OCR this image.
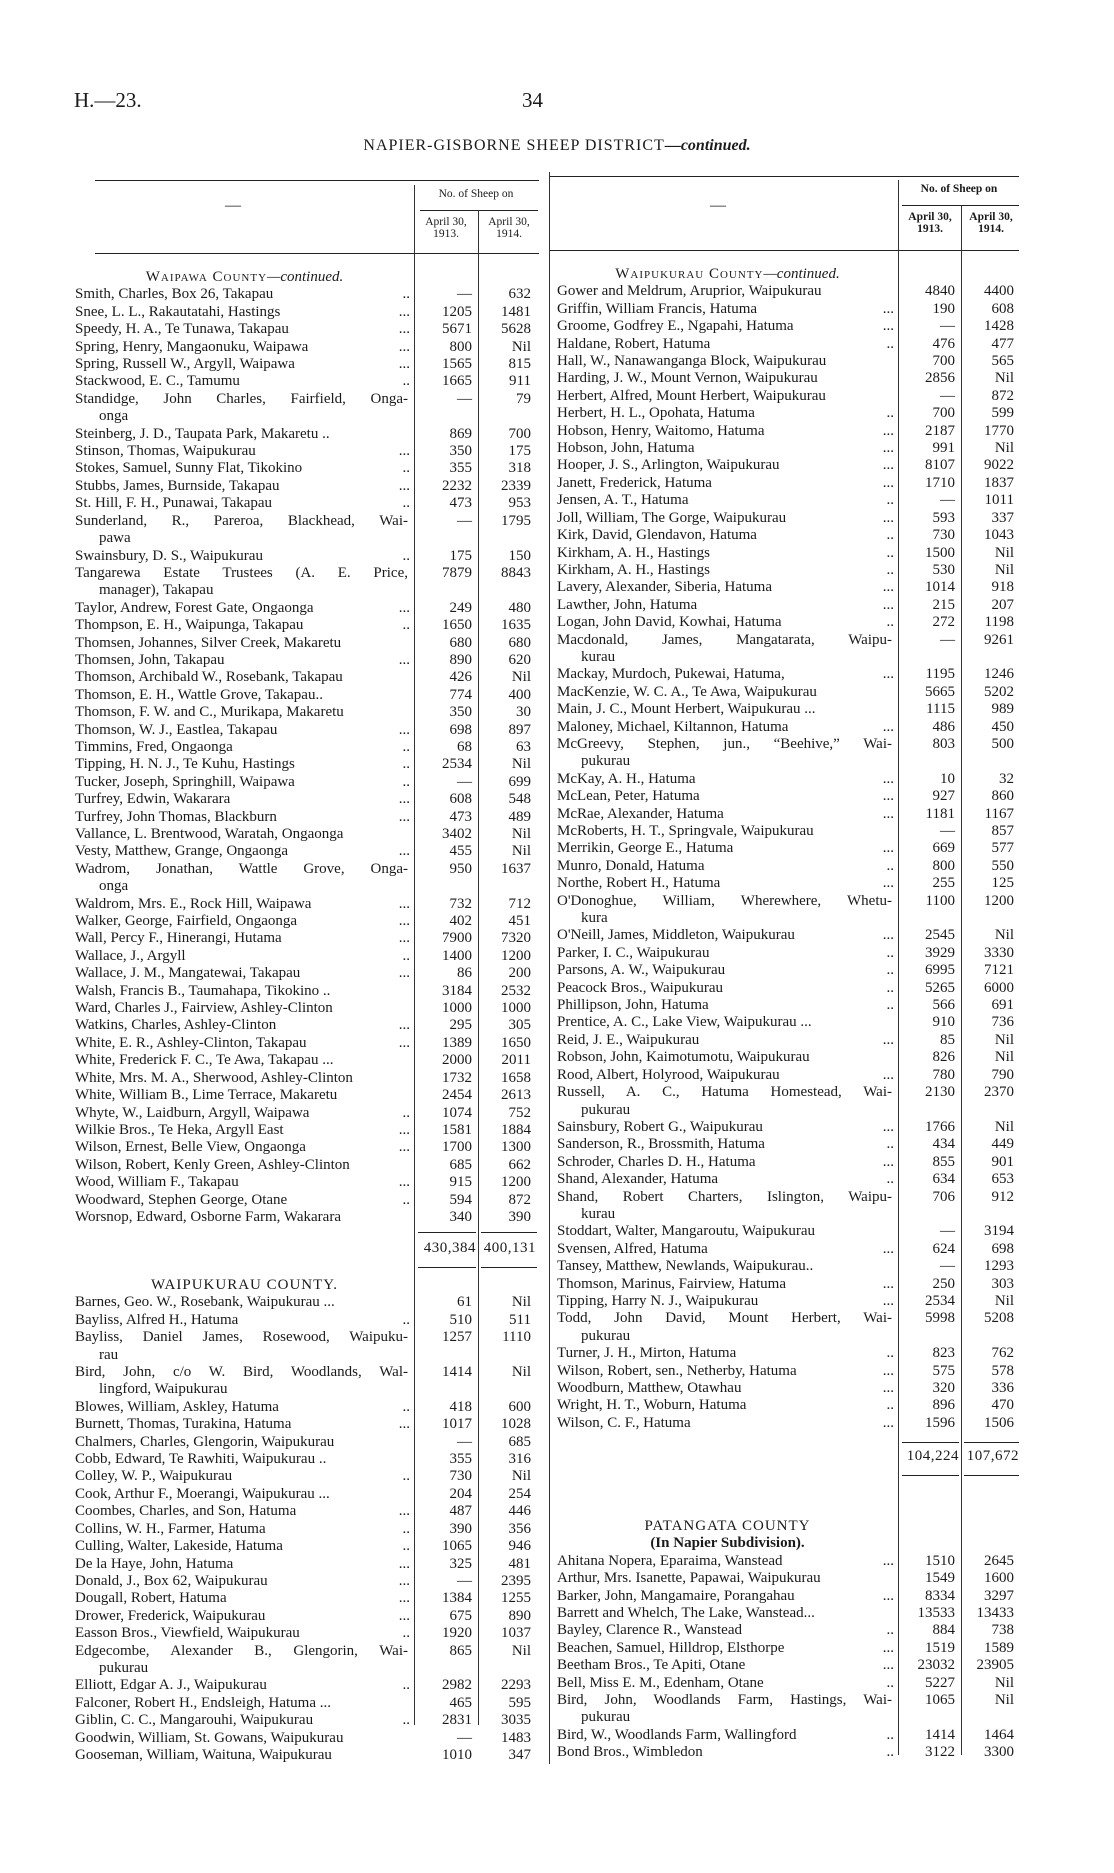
H.—23.	34
NAPIER-GISBORNE SHEEP DISTRICT—continued.
—
No. of Sheep on
April 30, 1913.
April 30, 1914.
—
No. of Sheep on
April 30, 1913.
April 30, 1914.
Waipawa County—continued.
Smith, Charles, Box 26, Takapau	..	—	632
Snee, L. L., Rakautatahi, Hastings	...	1205	1481
Speedy, H. A., Te Tunawa, Takapau	...	5671	5628
Spring, Henry, Mangaonuku, Waipawa	...	800	Nil
Spring, Russell W., Argyll, Waipawa	...	1565	815
Stackwood, E. C., Tamumu	..	1665	911
Standidge, John Charles, Fairfield, Onga-
onga
—	79
Steinberg, J. D., Taupata Park, Makaretu ..	869	700
Stinson, Thomas, Waipukurau	...	350	175
Stokes, Samuel, Sunny Flat, Tikokino	..	355	318
Stubbs, James, Burnside, Takapau	...	2232	2339
St. Hill, F. H., Punawai, Takapau	..	473	953
Sunderland, R., Pareroa, Blackhead, Wai-
pawa
—	1795
Swainsbury, D. S., Waipukurau	..	175	150
Tangarewa Estate Trustees (A. E. Price,
manager), Takapau
7879	8843
Taylor, Andrew, Forest Gate, Ongaonga	...	249	480
Thompson, E. H., Waipunga, Takapau	..	1650	1635
Thomsen, Johannes, Silver Creek, Makaretu	680	680
Thomsen, John, Takapau	...	890	620
Thomson, Archibald W., Rosebank, Takapau	426	Nil
Thomson, E. H., Wattle Grove, Takapau..	774	400
Thomson, F. W. and C., Murikapa, Makaretu	350	30
Thomson, W. J., Eastlea, Takapau	...	698	897
Timmins, Fred, Ongaonga	..	68	63
Tipping, H. N. J., Te Kuhu, Hastings	..	2534	Nil
Tucker, Joseph, Springhill, Waipawa	..	—	699
Turfrey, Edwin, Wakarara	...	608	548
Turfrey, John Thomas, Blackburn	...	473	489
Vallance, L. Brentwood, Waratah, Ongaonga	3402	Nil
Vesty, Matthew, Grange, Ongaonga	...	455	Nil
Wadrom, Jonathan, Wattle Grove, Onga-
onga
950	1637
Waldrom, Mrs. E., Rock Hill, Waipawa	...	732	712
Walker, George, Fairfield, Ongaonga	...	402	451
Wall, Percy F., Hinerangi, Hutama	...	7900	7320
Wallace, J., Argyll	..	1400	1200
Wallace, J. M., Mangatewai, Takapau	...	86	200
Walsh, Francis B., Taumahapa, Tikokino ..	3184	2532
Ward, Charles J., Fairview, Ashley-Clinton	1000	1000
Watkins, Charles, Ashley-Clinton	...	295	305
White, E. R., Ashley-Clinton, Takapau	...	1389	1650
White, Frederick F. C., Te Awa, Takapau ...	2000	2011
White, Mrs. M. A., Sherwood, Ashley-Clinton	1732	1658
White, William B., Lime Terrace, Makaretu	2454	2613
Whyte, W., Laidburn, Argyll, Waipawa	..	1074	752
Wilkie Bros., Te Heka, Argyll East	...	1581	1884
Wilson, Ernest, Belle View, Ongaonga	...	1700	1300
Wilson, Robert, Kenly Green, Ashley-Clinton	685	662
Wood, William F., Takapau	...	915	1200
Woodward, Stephen George, Otane	..	594	872
Worsnop, Edward, Osborne Farm, Wakarara	340	390
430,384 400,131
WAIPUKURAU COUNTY.
Barnes, Geo. W., Rosebank, Waipukurau ...	61	Nil
Bayliss, Alfred H., Hatuma	..	510	511
Bayliss, Daniel James, Rosewood, Waipuku-
rau
1257	1110
Bird, John, c/o W. Bird, Woodlands, Wal-
lingford, Waipukurau
1414	Nil
Blowes, William, Askley, Hatuma	..	418	600
Burnett, Thomas, Turakina, Hatuma	...	1017	1028
Chalmers, Charles, Glengorin, Waipukurau	—	685
Cobb, Edward, Te Rawhiti, Waipukurau ..	355	316
Colley, W. P., Waipukurau	..	730	Nil
Cook, Arthur F., Moerangi, Waipukurau ...	204	254
Coombes, Charles, and Son, Hatuma	...	487	446
Collins, W. H., Farmer, Hatuma	..	390	356
Culling, Walter, Lakeside, Hatuma	..	1065	946
De la Haye, John, Hatuma	...	325	481
Donald, J., Box 62, Waipukurau	...	—	2395
Dougall, Robert, Hatuma	...	1384	1255
Drower, Frederick, Waipukurau	...	675	890
Easson Bros., Viewfield, Waipukurau	..	1920	1037
Edgecombe, Alexander B., Glengorin, Wai-
pukurau
865	Nil
Elliott, Edgar A. J., Waipukurau	..	2982	2293
Falconer, Robert H., Endsleigh, Hatuma ...	465	595
Giblin, C. C., Mangarouhi, Waipukurau	..	2831	3035
Goodwin, William, St. Gowans, Waipukurau	—	1483
Gooseman, William, Waituna, Waipukurau	1010	347
Waipukurau County—continued.
Gower and Meldrum, Aruprior, Waipukurau	4840	4400
Griffin, William Francis, Hatuma	...	190	608
Groome, Godfrey E., Ngapahi, Hatuma	...	—	1428
Haldane, Robert, Hatuma	..	476	477
Hall, W., Nanawanganga Block, Waipukurau	700	565
Harding, J. W., Mount Vernon, Waipukurau	2856	Nil
Herbert, Alfred, Mount Herbert, Waipukurau	—	872
Herbert, H. L., Opohata, Hatuma	..	700	599
Hobson, Henry, Waitomo, Hatuma	...	2187	1770
Hobson, John, Hatuma	...	991	Nil
Hooper, J. S., Arlington, Waipukurau	...	8107	9022
Janett, Frederick, Hatuma	...	1710	1837
Jensen, A. T., Hatuma	..	—	1011
Joll, William, The Gorge, Waipukurau	...	593	337
Kirk, David, Glendavon, Hatuma	..	730	1043
Kirkham, A. H., Hastings	..	1500	Nil
Kirkham, A. H., Hastings	..	530	Nil
Lavery, Alexander, Siberia, Hatuma	...	1014	918
Lawther, John, Hatuma	...	215	207
Logan, John David, Kowhai, Hatuma	..	272	1198
Macdonald, James, Mangatarata, Waipu-
kurau
—	9261
Mackay, Murdoch, Pukewai, Hatuma,	...	1195	1246
MacKenzie, W. C. A., Te Awa, Waipukurau	5665	5202
Main, J. C., Mount Herbert, Waipukurau ...	1115	989
Maloney, Michael, Kiltannon, Hatuma	...	486	450
McGreevy, Stephen, jun., “Beehive,” Wai-
pukurau
803	500
McKay, A. H., Hatuma	...	10	32
McLean, Peter, Hatuma	...	927	860
McRae, Alexander, Hatuma	...	1181	1167
McRoberts, H. T., Springvale, Waipukurau	—	857
Merrikin, George E., Hatuma	...	669	577
Munro, Donald, Hatuma	..	800	550
Northe, Robert H., Hatuma	...	255	125
O'Donoghue, William, Wherewhere, Whetu-
kura
1100	1200
O'Neill, James, Middleton, Waipukurau	...	2545	Nil
Parker, I. C., Waipukurau	..	3929	3330
Parsons, A. W., Waipukurau	..	6995	7121
Peacock Bros., Waipukurau	..	5265	6000
Phillipson, John, Hatuma	..	566	691
Prentice, A. C., Lake View, Waipukurau ...	910	736
Reid, J. E., Waipukurau	...	85	Nil
Robson, John, Kaimotumotu, Waipukurau	826	Nil
Rood, Albert, Holyrood, Waipukurau	...	780	790
Russell, A. C., Hatuma Homestead, Wai-
pukurau
2130	2370
Sainsbury, Robert G., Waipukurau	...	1766	Nil
Sanderson, R., Brossmith, Hatuma	..	434	449
Schroder, Charles D. H., Hatuma	...	855	901
Shand, Alexander, Hatuma	..	634	653
Shand, Robert Charters, Islington, Waipu-
kurau
706	912
Stoddart, Walter, Mangaroutu, Waipukurau	—	3194
Svensen, Alfred, Hatuma	...	624	698
Tansey, Matthew, Newlands, Waipukurau..	—	1293
Thomson, Marinus, Fairview, Hatuma	...	250	303
Tipping, Harry N. J., Waipukurau	...	2534	Nil
Todd, John David, Mount Herbert, Wai-
pukurau
5998	5208
Turner, J. H., Mirton, Hatuma	..	823	762
Wilson, Robert, sen., Netherby, Hatuma	...	575	578
Woodburn, Matthew, Otawhau	...	320	336
Wright, H. T., Woburn, Hatuma	..	896	470
Wilson, C. F., Hatuma	...	1596	1506
104,224 107,672
PATANGATA COUNTY
(In Napier Subdivision).
Ahitana Nopera, Eparaima, Wanstead	...	1510	2645
Arthur, Mrs. Isanette, Papawai, Waipukurau	1549	1600
Barker, John, Mangamaire, Porangahau	...	8334	3297
Barrett and Whelch, The Lake, Wanstead...	13533	13433
Bayley, Clarence R., Wanstead	..	884	738
Beachen, Samuel, Hilldrop, Elsthorpe	...	1519	1589
Beetham Bros., Te Apiti, Otane	...	23032	23905
Bell, Miss E. M., Edenham, Otane	..	5227	Nil
Bird, John, Woodlands Farm, Hastings, Wai-
pukurau
1065	Nil
Bird, W., Woodlands Farm, Wallingford	..	1414	1464
Bond Bros., Wimbledon	..	3122	3300
